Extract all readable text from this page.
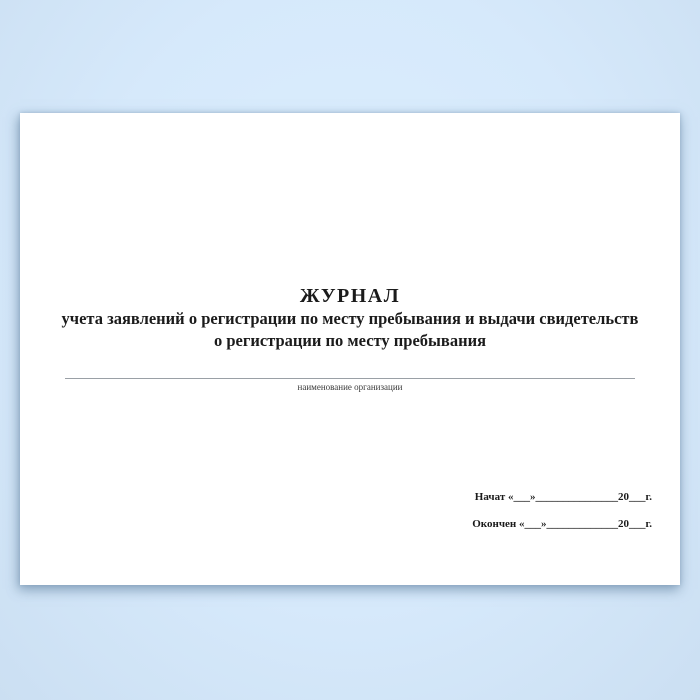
ЖУРНАЛ
учета заявлений о регистрации по месту пребывания и выдачи свидетельств
о регистрации по месту пребывания
наименование организации
Начат «___»_______________20___г.
Окончен «___»_____________20___г.
